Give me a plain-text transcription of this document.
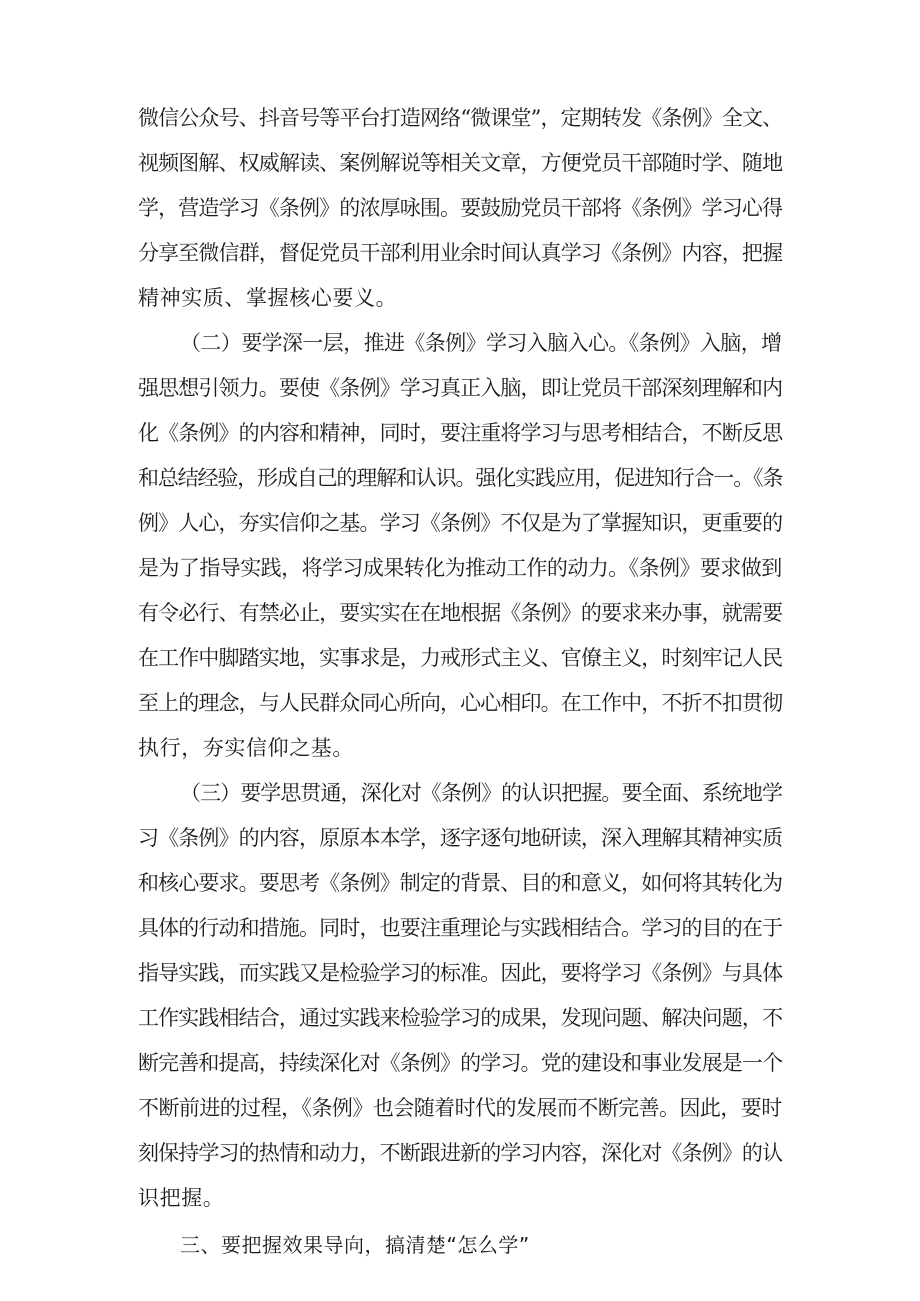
微信公众号、抖音号等平台打造网络“微课堂”，定期转发《条例》全文、
视频图解、权威解读、案例解说等相关文章，方便党员干部随时学、随地
学，营造学习《条例》的浓厚咏围。要鼓励党员干部将《条例》学习心得
分享至微信群，督促党员干部利用业余时间认真学习《条例》内容，把握
精神实质、掌握核心要义。
（二）要学深一层，推进《条例》学习入脑入心。《条例》入脑，增
强思想引领力。要使《条例》学习真正入脑，即让党员干部深刻理解和内
化《条例》的内容和精神，同时，要注重将学习与思考相结合，不断反思
和总结经验，形成自己的理解和认识。强化实践应用，促进知行合一。《条
例》人心，夯实信仰之基。学习《条例》不仅是为了掌握知识，更重要的
是为了指导实践，将学习成果转化为推动工作的动力。《条例》要求做到
有令必行、有禁必止，要实实在在地根据《条例》的要求来办事，就需要
在工作中脚踏实地，实事求是，力戒形式主义、官僚主义，时刻牢记人民
至上的理念，与人民群众同心所向，心心相印。在工作中，不折不扣贯彻
执行，夯实信仰之基。
（三）要学思贯通，深化对《条例》的认识把握。要全面、系统地学
习《条例》的内容，原原本本学，逐字逐句地研读，深入理解其精神实质
和核心要求。要思考《条例》制定的背景、目的和意义，如何将其转化为
具体的行动和措施。同时，也要注重理论与实践相结合。学习的目的在于
指导实践，而实践又是检验学习的标准。因此，要将学习《条例》与具体
工作实践相结合，通过实践来检验学习的成果，发现问题、解决问题，不
断完善和提高，持续深化对《条例》的学习。党的建设和事业发展是一个
不断前进的过程，《条例》也会随着时代的发展而不断完善。因此，要时
刻保持学习的热情和动力，不断跟进新的学习内容，深化对《条例》的认
识把握。
三、要把握效果导向，搞清楚“怎么学”
